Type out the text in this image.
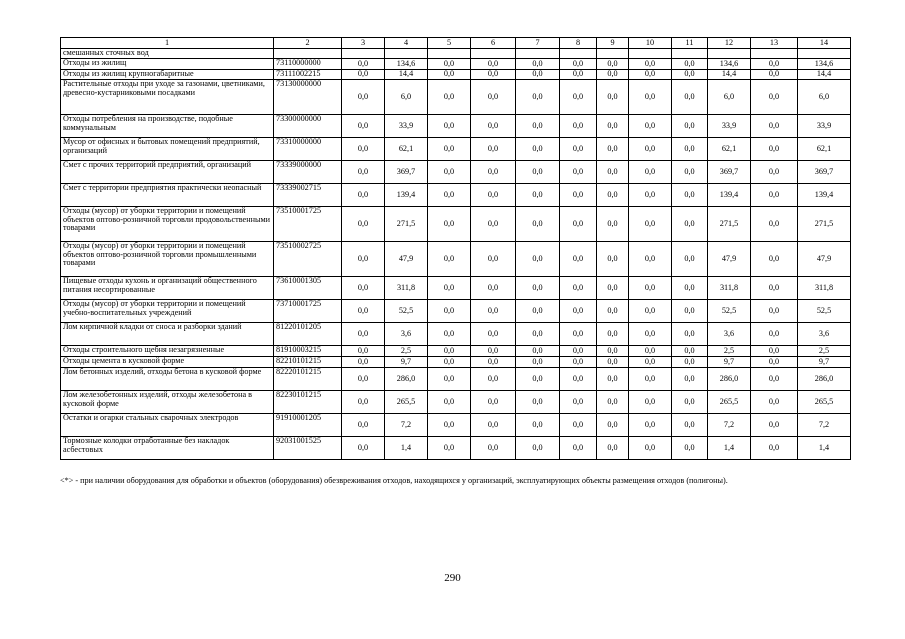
1	2	3	4	5	6	7	8	9	10	11	12	13	14
смешанных сточных вод													
Отходы из жилищ	73110000000	0,0	134,6	0,0	0,0	0,0	0,0	0,0	0,0	0,0	134,6	0,0	134,6
Отходы из жилищ крупногабаритные	73111002215	0,0	14,4	0,0	0,0	0,0	0,0	0,0	0,0	0,0	14,4	0,0	14,4
Растительные отходы при уходе за газонами, цветниками, древесно-кустарниковыми посадками	73130000000	0,0	6,0	0,0	0,0	0,0	0,0	0,0	0,0	0,0	6,0	0,0	6,0
Отходы потребления на производстве, подобные коммунальным	73300000000	0,0	33,9	0,0	0,0	0,0	0,0	0,0	0,0	0,0	33,9	0,0	33,9
Мусор от офисных и бытовых помещений предприятий, организаций	73310000000	0,0	62,1	0,0	0,0	0,0	0,0	0,0	0,0	0,0	62,1	0,0	62,1
Смет с прочих территорий предприятий, организаций	73339000000	0,0	369,7	0,0	0,0	0,0	0,0	0,0	0,0	0,0	369,7	0,0	369,7
Смет с территории предприятия практически неопасный	73339002715	0,0	139,4	0,0	0,0	0,0	0,0	0,0	0,0	0,0	139,4	0,0	139,4
Отходы (мусор) от уборки территории и помещений объектов оптово-розничной торговли продовольственными товарами	73510001725	0,0	271,5	0,0	0,0	0,0	0,0	0,0	0,0	0,0	271,5	0,0	271,5
Отходы (мусор) от уборки территории и помещений объектов оптово-розничной торговли промышленными товарами	73510002725	0,0	47,9	0,0	0,0	0,0	0,0	0,0	0,0	0,0	47,9	0,0	47,9
Пищевые отходы кухонь и организаций общественного питания несортированные	73610001305	0,0	311,8	0,0	0,0	0,0	0,0	0,0	0,0	0,0	311,8	0,0	311,8
Отходы (мусор) от уборки территории и помещений учебно-воспитательных учреждений	73710001725	0,0	52,5	0,0	0,0	0,0	0,0	0,0	0,0	0,0	52,5	0,0	52,5
Лом кирпичной кладки от сноса и разборки зданий	81220101205	0,0	3,6	0,0	0,0	0,0	0,0	0,0	0,0	0,0	3,6	0,0	3,6
Отходы строительного щебня незагрязненные	81910003215	0,0	2,5	0,0	0,0	0,0	0,0	0,0	0,0	0,0	2,5	0,0	2,5
Отходы цемента в кусковой форме	82210101215	0,0	9,7	0,0	0,0	0,0	0,0	0,0	0,0	0,0	9,7	0,0	9,7
Лом бетонных изделий, отходы бетона в кусковой форме	82220101215	0,0	286,0	0,0	0,0	0,0	0,0	0,0	0,0	0,0	286,0	0,0	286,0
Лом железобетонных изделий, отходы железобетона в кусковой форме	82230101215	0,0	265,5	0,0	0,0	0,0	0,0	0,0	0,0	0,0	265,5	0,0	265,5
Остатки и огарки стальных сварочных электродов	91910001205	0,0	7,2	0,0	0,0	0,0	0,0	0,0	0,0	0,0	7,2	0,0	7,2
Тормозные колодки отработанные без накладок асбестовых	92031001525	0,0	1,4	0,0	0,0	0,0	0,0	0,0	0,0	0,0	1,4	0,0	1,4
<*> - при наличии оборудования для обработки и объектов (оборудования) обезвреживания отходов, находящихся у организаций, эксплуатирующих объекты размещения отходов (полигоны).
290
